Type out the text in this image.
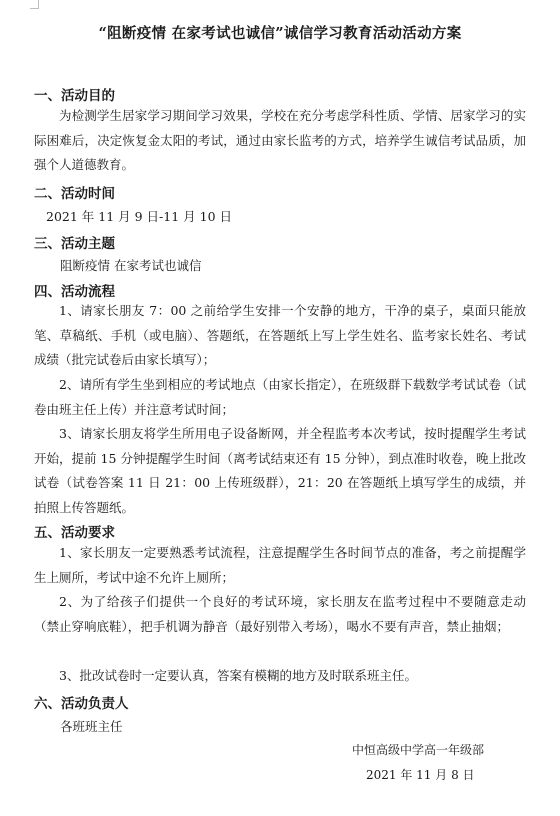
“阻断疫情 在家考试也诚信”诚信学习教育活动活动方案
一、活动目的
为检测学生居家学习期间学习效果，学校在充分考虑学科性质、学情、居家学习的实际困难后，决定恢复金太阳的考试，通过由家长监考的方式，培养学生诚信考试品质，加强个人道德教育。
二、活动时间
2021 年 11 月 9 日-11 月 10 日
三、活动主题
阻断疫情 在家考试也诚信
四、活动流程
1、请家长朋友 7：00 之前给学生安排一个安静的地方，干净的桌子，桌面只能放笔、草稿纸、手机（或电脑）、答题纸，在答题纸上写上学生姓名、监考家长姓名、考试成绩（批完试卷后由家长填写）；
2、请所有学生坐到相应的考试地点（由家长指定），在班级群下载数学考试试卷（试卷由班主任上传）并注意考试时间；
3、请家长朋友将学生所用电子设备断网，并全程监考本次考试，按时提醒学生考试开始，提前 15 分钟提醒学生时间（离考试结束还有 15 分钟），到点准时收卷，晚上批改试卷（试卷答案 11 日 21：00 上传班级群），21：20 在答题纸上填写学生的成绩，并拍照上传答题纸。
五、活动要求
1、家长朋友一定要熟悉考试流程，注意提醒学生各时间节点的准备，考之前提醒学生上厕所，考试中途不允许上厕所；
2、为了给孩子们提供一个良好的考试环境，家长朋友在监考过程中不要随意走动（禁止穿响底鞋），把手机调为静音（最好别带入考场），喝水不要有声音，禁止抽烟；
3、批改试卷时一定要认真，答案有模糊的地方及时联系班主任。
六、活动负责人
各班班主任
中恒高级中学高一年级部
2021 年 11 月 8 日
